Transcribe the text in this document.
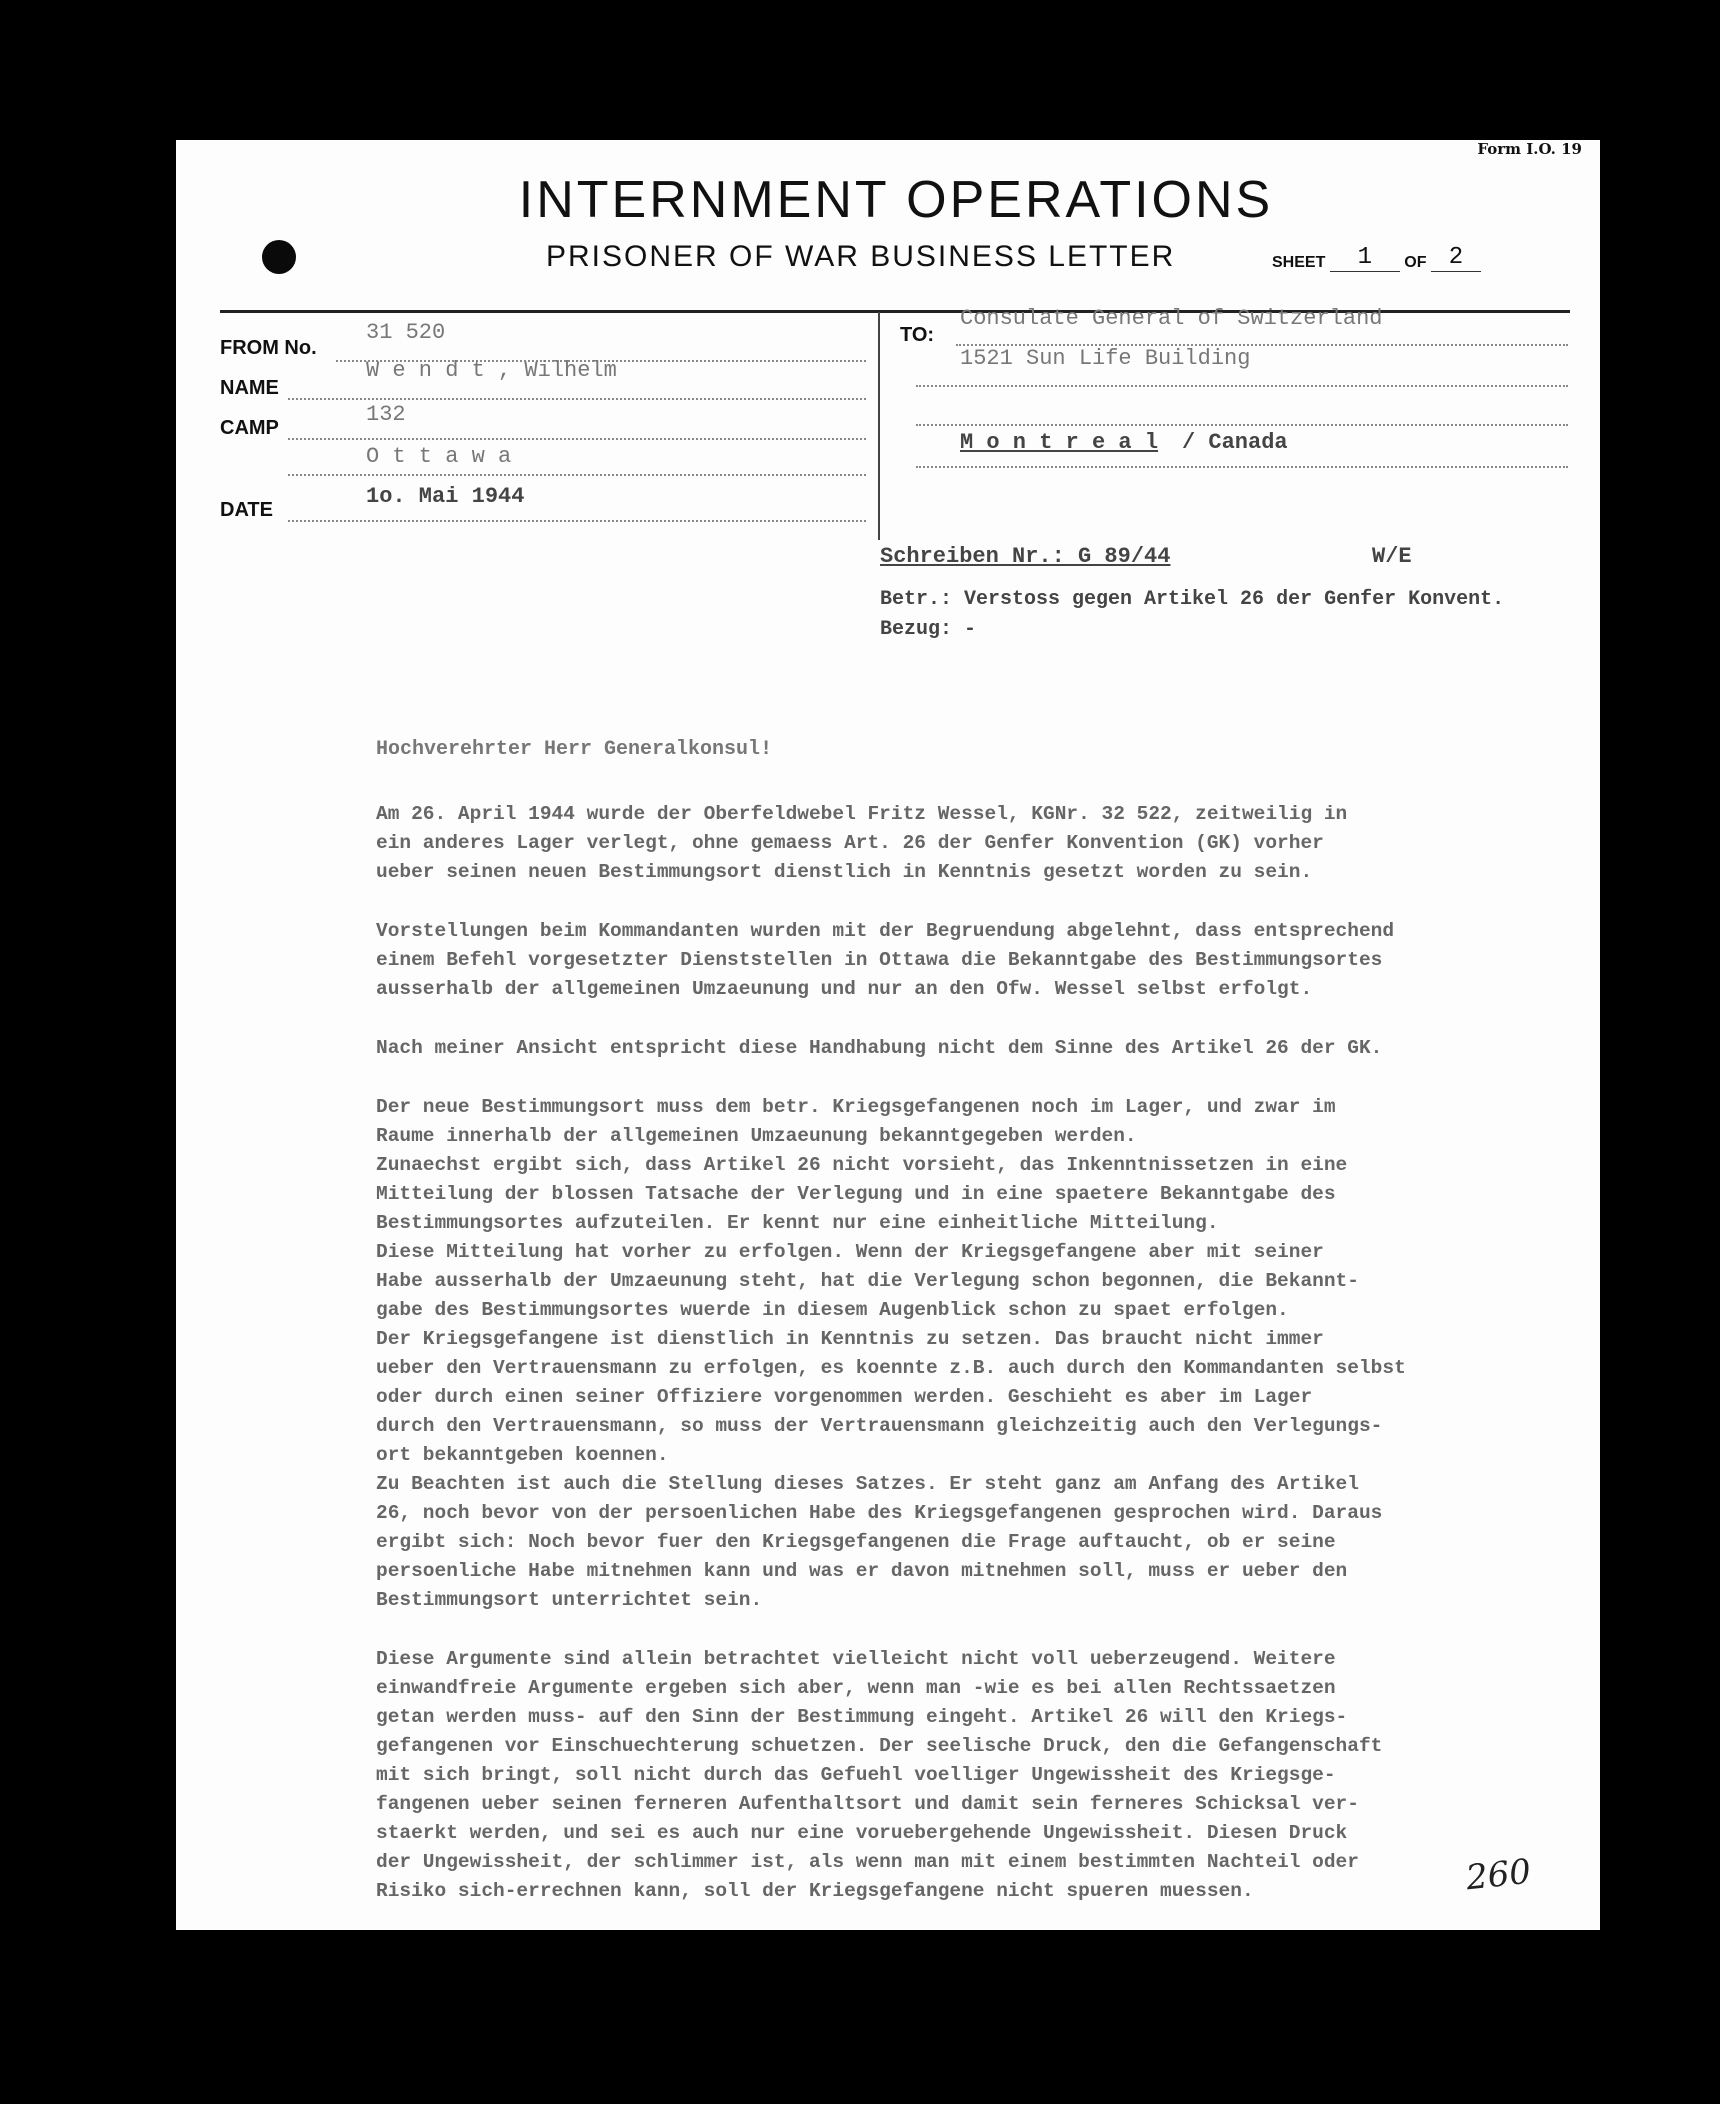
Form I.O. 19
INTERNMENT OPERATIONS
PRISONER OF WAR BUSINESS LETTER	SHEET 1 OF 2
FROM No.
31 520
NAME
W e n d t , Wilhelm
CAMP
132
O t t a w a
DATE
1o. Mai 1944
TO:
Consulate General of Switzerland
1521 Sun Life Building
M o n t r e a l / Canada
Schreiben Nr.: G 89/44	W/E
Betr.: Verstoss gegen Artikel 26 der Genfer Konvent.
Bezug: -
Hochverehrter Herr Generalkonsul!

Am 26. April 1944 wurde der Oberfeldwebel Fritz Wessel, KGNr. 32 522, zeitweilig in

ein anderes Lager verlegt, ohne gemaess Art. 26 der Genfer Konvention (GK) vorher

ueber seinen neuen Bestimmungsort dienstlich in Kenntnis gesetzt worden zu sein.

Vorstellungen beim Kommandanten wurden mit der Begruendung abgelehnt, dass entsprechend

einem Befehl vorgesetzter Dienststellen in Ottawa die Bekanntgabe des Bestimmungsortes

ausserhalb der allgemeinen Umzaeunung und nur an den Ofw. Wessel selbst erfolgt.

Nach meiner Ansicht entspricht diese Handhabung nicht dem Sinne des Artikel 26 der GK.

Der neue Bestimmungsort muss dem betr. Kriegsgefangenen noch im Lager, und zwar im

Raume innerhalb der allgemeinen Umzaeunung bekanntgegeben werden.

Zunaechst ergibt sich, dass Artikel 26 nicht vorsieht, das Inkenntnissetzen in eine

Mitteilung der blossen Tatsache der Verlegung und in eine spaetere Bekanntgabe des

Bestimmungsortes aufzuteilen. Er kennt nur eine einheitliche Mitteilung.

Diese Mitteilung hat vorher zu erfolgen. Wenn der Kriegsgefangene aber mit seiner

Habe ausserhalb der Umzaeunung steht, hat die Verlegung schon begonnen, die Bekannt-

gabe des Bestimmungsortes wuerde in diesem Augenblick schon zu spaet erfolgen.

Der Kriegsgefangene ist dienstlich in Kenntnis zu setzen. Das braucht nicht immer

ueber den Vertrauensmann zu erfolgen, es koennte z.B. auch durch den Kommandanten selbst

oder durch einen seiner Offiziere vorgenommen werden. Geschieht es aber im Lager

durch den Vertrauensmann, so muss der Vertrauensmann gleichzeitig auch den Verlegungs-

ort bekanntgeben koennen.

Zu Beachten ist auch die Stellung dieses Satzes. Er steht ganz am Anfang des Artikel

26, noch bevor von der persoenlichen Habe des Kriegsgefangenen gesprochen wird. Daraus

ergibt sich: Noch bevor fuer den Kriegsgefangenen die Frage auftaucht, ob er seine

persoenliche Habe mitnehmen kann und was er davon mitnehmen soll, muss er ueber den

Bestimmungsort unterrichtet sein.

Diese Argumente sind allein betrachtet vielleicht nicht voll ueberzeugend. Weitere

einwandfreie Argumente ergeben sich aber, wenn man -wie es bei allen Rechtssaetzen

getan werden muss- auf den Sinn der Bestimmung eingeht. Artikel 26 will den Kriegs-

gefangenen vor Einschuechterung schuetzen. Der seelische Druck, den die Gefangenschaft

mit sich bringt, soll nicht durch das Gefuehl voelliger Ungewissheit des Kriegsge-

fangenen ueber seinen ferneren Aufenthaltsort und damit sein ferneres Schicksal ver-

staerkt werden, und sei es auch nur eine voruebergehende Ungewissheit. Diesen Druck

der Ungewissheit, der schlimmer ist, als wenn man mit einem bestimmten Nachteil oder

Risiko sich-errechnen kann, soll der Kriegsgefangene nicht spueren muessen.	260
